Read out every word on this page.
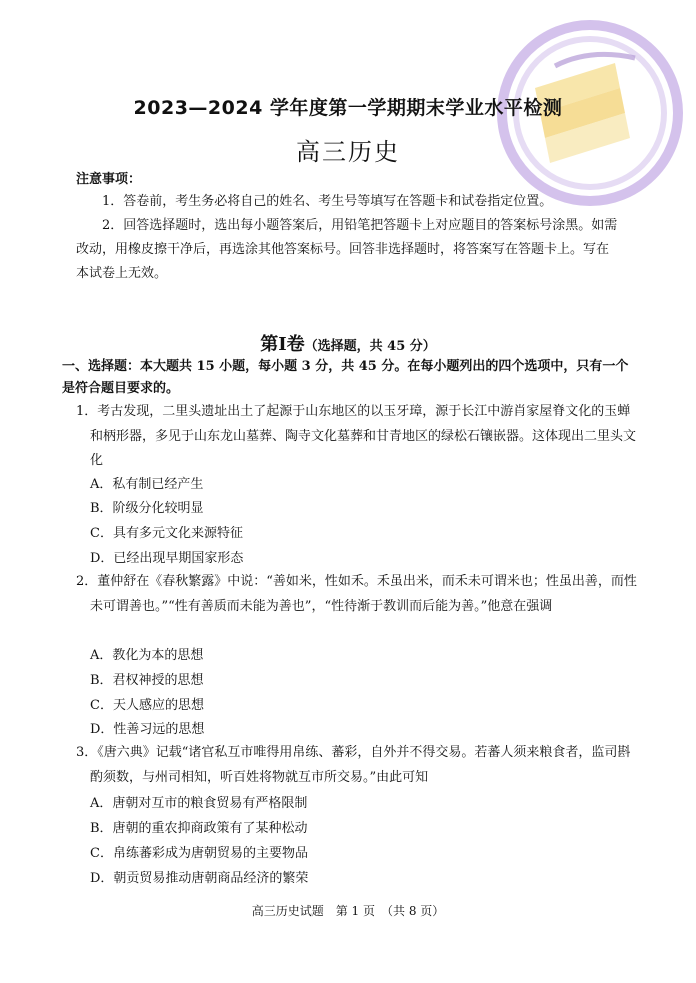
2023—2024 学年度第一学期期末学业水平检测
高三历史
注意事项：
1．答卷前，考生务必将自己的姓名、考生号等填写在答题卡和试卷指定位置。
2．回答选择题时，选出每小题答案后，用铅笔把答题卡上对应题目的答案标号涂黑。如需改动，用橡皮擦干净后，再选涂其他答案标号。回答非选择题时，将答案写在答题卡上。写在本试卷上无效。
第Ⅰ卷（选择题，共 45 分）
一、选择题：本大题共 15 小题，每小题 3 分，共 45 分。在每小题列出的四个选项中，只有一个是符合题目要求的。
1．考古发现，二里头遗址出土了起源于山东地区的以玉牙璋，源于长江中游肖家屋脊文化的玉蝉和柄形器，多见于山东龙山墓葬、陶寺文化墓葬和甘青地区的绿松石镶嵌器。这体现出二里头文化
A．私有制已经产生
B．阶级分化较明显
C．具有多元文化来源特征
D．已经出现早期国家形态
2．董仲舒在《春秋繁露》中说：“善如米，性如禾。禾虽出米，而禾未可谓米也；性虽出善，而性未可谓善也。”“性有善质而未能为善也”，“性待渐于教训而后能为善。”他意在强调
A．教化为本的思想
B．君权神授的思想
C．天人感应的思想
D．性善习远的思想
3．《唐六典》记载“诸官私互市唯得用帛练、蕃彩，自外并不得交易。若蕃人须来粮食者，监司斟酌须数，与州司相知，听百姓将物就互市所交易。”由此可知
A．唐朝对互市的粮食贸易有严格限制
B．唐朝的重农抑商政策有了某种松动
C．帛练蕃彩成为唐朝贸易的主要物品
D．朝贡贸易推动唐朝商品经济的繁荣
高三历史试题　第 1 页　（共 8 页）
